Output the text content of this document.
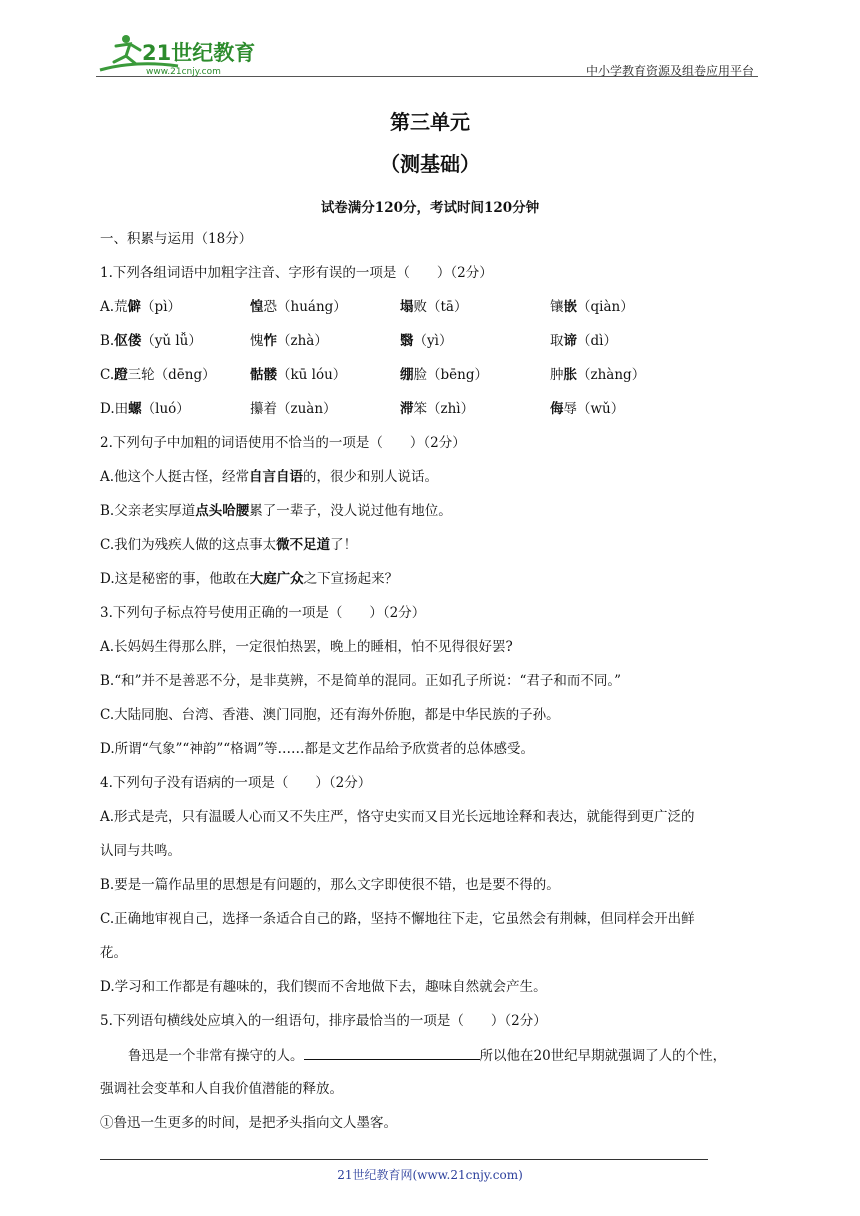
21世纪教育
www.21cnjy.com	中小学教育资源及组卷应用平台
第三单元
（测基础）
试卷满分120分，考试时间120分钟
一、积累与运用（18分）
1.下列各组词语中加粗字注音、字形有误的一项是（　　）（2分）
A.荒僻（pì）	惶恐（huáng）	塌败（tā）	镶嵌（qiàn）
B.伛偻（yǔ lǚ）	愧怍（zhà）	翳（yì）	取谛（dì）
C.蹬三轮（dēng）	骷髅（kū lóu）	绷脸（bēng）	肿胀（zhàng）
D.田螺（luó）	攥着（zuàn）	滞笨（zhì）	侮辱（wǔ）
2.下列句子中加粗的词语使用不恰当的一项是（　　）（2分）
A.他这个人挺古怪，经常自言自语的，很少和别人说话。
B.父亲老实厚道点头哈腰累了一辈子，没人说过他有地位。
C.我们为残疾人做的这点事太微不足道了！
D.这是秘密的事，他敢在大庭广众之下宣扬起来？
3.下列句子标点符号使用正确的一项是（　　）（2分）
A.长妈妈生得那么胖，一定很怕热罢，晚上的睡相，怕不见得很好罢?
B.“和”并不是善恶不分，是非莫辨，不是简单的混同。正如孔子所说：“君子和而不同。”
C.大陆同胞、台湾、香港、澳门同胞，还有海外侨胞，都是中华民族的子孙。
D.所谓“气象”“神韵”“格调”等……都是文艺作品给予欣赏者的总体感受。
4.下列句子没有语病的一项是（　　）（2分）
A.形式是壳，只有温暖人心而又不失庄严，恪守史实而又目光长远地诠释和表达，就能得到更广泛的
认同与共鸣。
B.要是一篇作品里的思想是有问题的，那么文字即使很不错，也是要不得的。
C.正确地审视自己，选择一条适合自己的路，坚持不懈地往下走，它虽然会有荆棘，但同样会开出鲜
花。
D.学习和工作都是有趣味的，我们锲而不舍地做下去，趣味自然就会产生。
5.下列语句横线处应填入的一组语句，排序最恰当的一项是（　　）（2分）
鲁迅是一个非常有操守的人。	所以他在20世纪早期就强调了人的个性，
强调社会变革和人自我价值潜能的释放。
①鲁迅一生更多的时间，是把矛头指向文人墨客。
21世纪教育网(www.21cnjy.com)
